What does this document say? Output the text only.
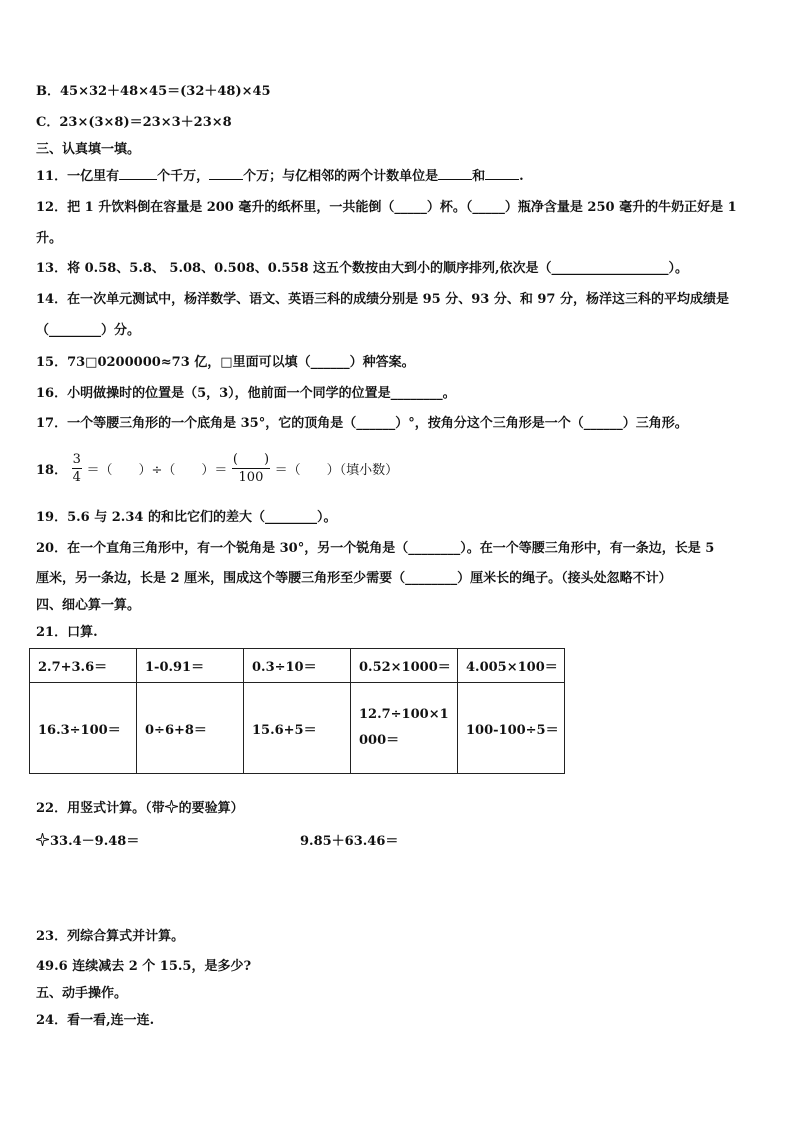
B．45×32＋48×45＝(32＋48)×45
C．23×(3×8)＝23×3＋23×8
三、认真填一填。
11．一亿里有	个千万，	个万；与亿相邻的两个计数单位是	和	.
12．把 1 升饮料倒在容量是 200 毫升的纸杯里，一共能倒（_____）杯。（_____）瓶净含量是 250 毫升的牛奶正好是 1
升。
13．将 0.58、5.8、 5.08、0.508、0.558 这五个数按由大到小的顺序排列,依次是（__________________）。
14．在一次单元测试中，杨洋数学、语文、英语三科的成绩分别是 95 分、93 分、和 97 分，杨洋这三科的平均成绩是
（________）分。
15．73□0200000≈73 亿，□里面可以填（______）种答案。
16．小明做操时的位置是（5，3），他前面一个同学的位置是________。
17．一个等腰三角形的一个底角是 35°，它的顶角是（______）°，按角分这个三角形是一个（______）三角形。
18． $\frac{3}{4}$ ＝（　　）÷（　　）＝ $\frac{( )}{100}$ ＝（　　）（填小数）
19．5.6 与 2.34 的和比它们的差大（________）。
20．在一个直角三角形中，有一个锐角是 30°，另一个锐角是（________）。在一个等腰三角形中，有一条边，长是 5
厘米，另一条边，长是 2 厘米，围成这个等腰三角形至少需要（________）厘米长的绳子。（接头处忽略不计）
四、细心算一算。
21．口算.
2.7+3.6＝	1-0.91＝	0.3÷10＝	0.52×1000＝	4.005×100＝
16.3÷100＝	0÷6+8＝	15.6+5＝	12.7÷100×1000＝	100-100÷5＝
22．用竖式计算。（带 的要验算）
33.4－9.48＝	9.85＋63.46＝
23．列综合算式并计算。
49.6 连续减去 2 个 15.5，是多少?
五、动手操作。
24．看一看,连一连.
